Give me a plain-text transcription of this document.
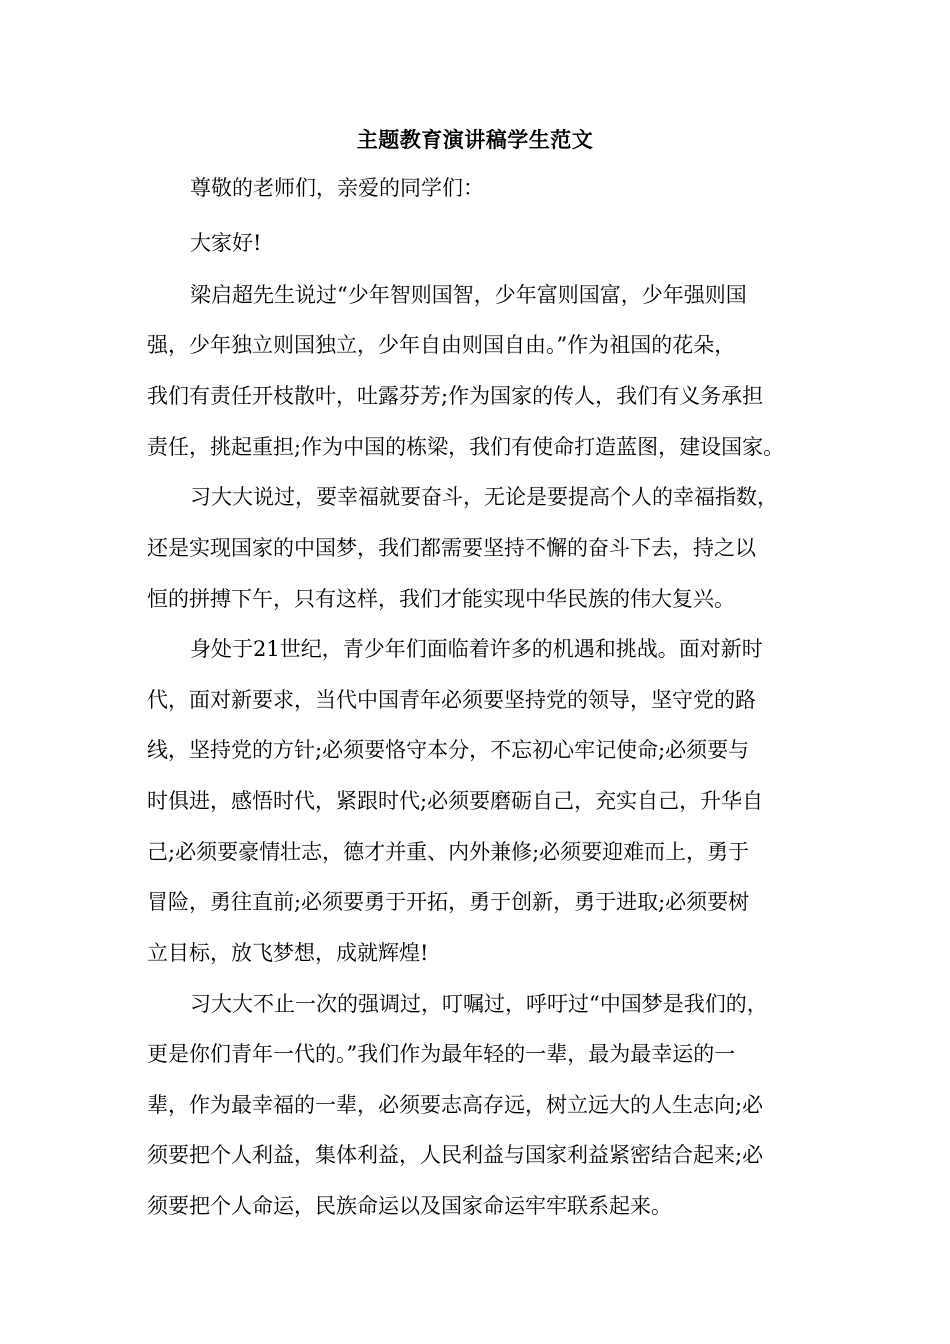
主题教育演讲稿学生范文
尊敬的老师们，亲爱的同学们：
大家好!
梁启超先生说过“少年智则国智，少年富则国富，少年强则国
强，少年独立则国独立，少年自由则国自由。”作为祖国的花朵，
我们有责任开枝散叶，吐露芬芳;作为国家的传人，我们有义务承担
责任，挑起重担;作为中国的栋梁，我们有使命打造蓝图，建设国家。
习大大说过，要幸福就要奋斗，无论是要提高个人的幸福指数，
还是实现国家的中国梦，我们都需要坚持不懈的奋斗下去，持之以
恒的拼搏下午，只有这样，我们才能实现中华民族的伟大复兴。
身处于21世纪，青少年们面临着许多的机遇和挑战。面对新时
代，面对新要求，当代中国青年必须要坚持党的领导，坚守党的路
线，坚持党的方针;必须要恪守本分，不忘初心牢记使命;必须要与
时俱进，感悟时代，紧跟时代;必须要磨砺自己，充实自己，升华自
己;必须要豪情壮志，德才并重、内外兼修;必须要迎难而上，勇于
冒险，勇往直前;必须要勇于开拓，勇于创新，勇于进取;必须要树
立目标，放飞梦想，成就辉煌!
习大大不止一次的强调过，叮嘱过，呼吁过“中国梦是我们的，
更是你们青年一代的。”我们作为最年轻的一辈，最为最幸运的一
辈，作为最幸福的一辈，必须要志高存远，树立远大的人生志向;必
须要把个人利益，集体利益，人民利益与国家利益紧密结合起来;必
须要把个人命运，民族命运以及国家命运牢牢联系起来。
